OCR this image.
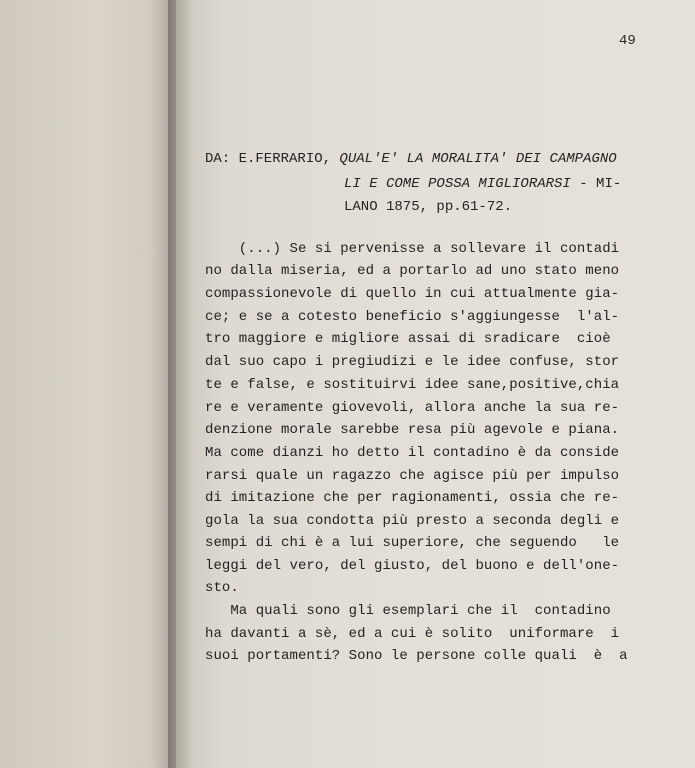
49
DA: E.FERRARIO, QUAL'E' LA MORALITA' DEI CAMPAGNO
LI E COME POSSA MIGLIORARSI - MI-
LANO 1875, pp.61-72.
(...) Se si pervenisse a sollevare il contadi
no dalla miseria, ed a portarlo ad uno stato meno
compassionevole di quello in cui attualmente gia-
ce; e se a cotesto beneficio s'aggiungesse  l'al-
tro maggiore e migliore assai di sradicare  cioè
dal suo capo i pregiudizi e le idee confuse, stor
te e false, e sostituirvi idee sane,positive,chia
re e veramente giovevoli, allora anche la sua re-
denzione morale sarebbe resa più agevole e piana.
Ma come dianzi ho detto il contadino è da conside
rarsi quale un ragazzo che agisce più per impulso
di imitazione che per ragionamenti, ossia che re-
gola la sua condotta più presto a seconda degli e
sempi di chi è a lui superiore, che seguendo   le
leggi del vero, del giusto, del buono e dell'one-
sto.
Ma quali sono gli esemplari che il  contadino
ha davanti a sè, ed a cui è solito  uniformare  i
suoi portamenti? Sono le persone colle quali  è  a
